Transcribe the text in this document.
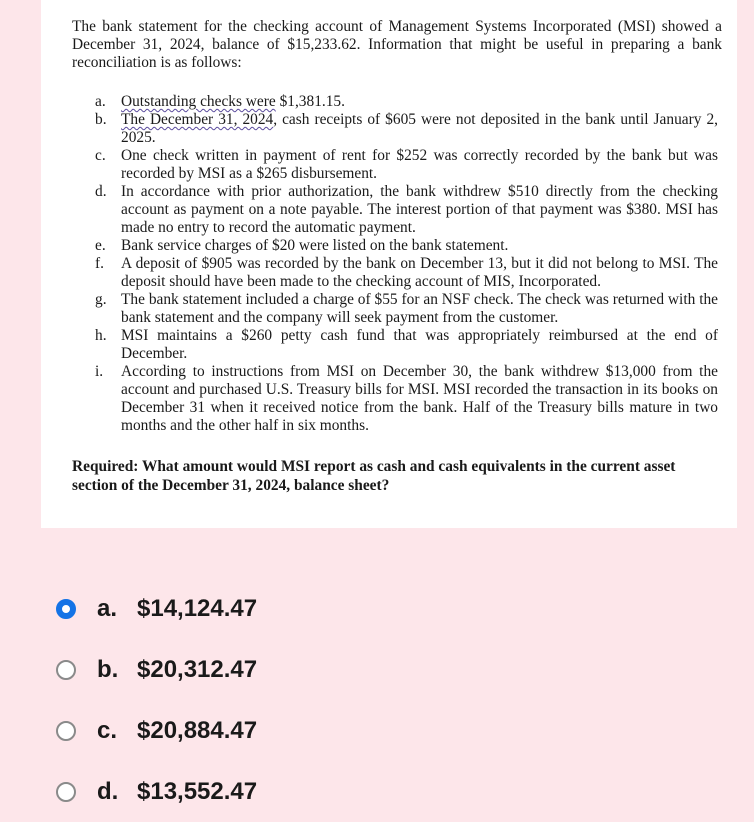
The bank statement for the checking account of Management Systems Incorporated (MSI) showed a December 31, 2024, balance of $15,233.62. Information that might be useful in preparing a bank reconciliation is as follows:

a. Outstanding checks were $1,381.15.
b. The December 31, 2024, cash receipts of $605 were not deposited in the bank until January 2, 2025.
c. One check written in payment of rent for $252 was correctly recorded by the bank but was recorded by MSI as a $265 disbursement.
d. In accordance with prior authorization, the bank withdrew $510 directly from the checking account as payment on a note payable. The interest portion of that payment was $380. MSI has made no entry to record the automatic payment.
e. Bank service charges of $20 were listed on the bank statement.
f.	A deposit of $905 was recorded by the bank on December 13, but it did not belong to MSI. The deposit should have been made to the checking account of MIS, Incorporated.
g. The bank statement included a charge of $55 for an NSF check. The check was returned with the bank statement and the company will seek payment from the customer.
h. MSI maintains a $260 petty cash fund that was appropriately reimbursed at the end of December.
i.	According to instructions from MSI on December 30, the bank withdrew $13,000 from the account and purchased U.S. Treasury bills for MSI. MSI recorded the transaction in its books on December 31 when it received notice from the bank. Half of the Treasury bills mature in two months and the other half in six months.

Required: What amount would MSI report as cash and cash equivalents in the current asset section of the December 31, 2024, balance sheet?

a. $14,124.47
b. $20,312.47
c. $20,884.47
d. $13,552.47
